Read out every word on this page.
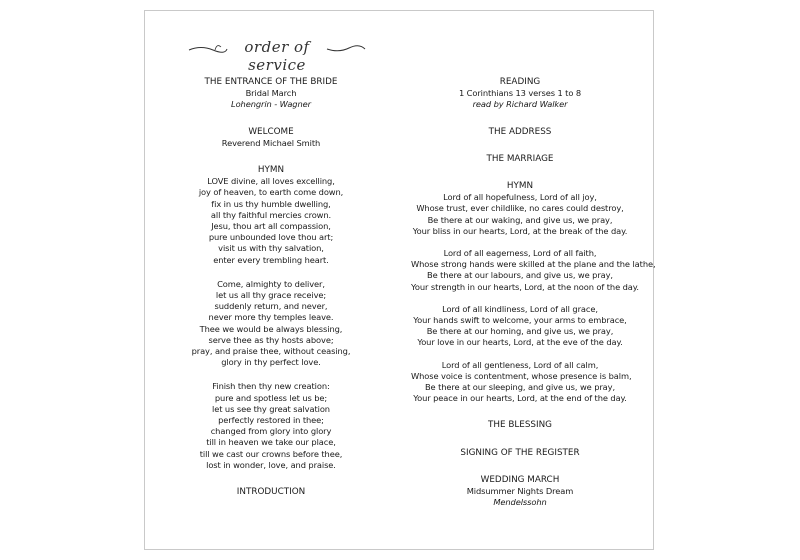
order of service
THE ENTRANCE OF THE BRIDE
Bridal March
Lohengrin - Wagner
WELCOME
Reverend Michael Smith
HYMN
LOVE divine, all loves excelling,
joy of heaven, to earth come down,
fix in us thy humble dwelling,
all thy faithful mercies crown.
Jesu, thou art all compassion,
pure unbounded love thou art;
visit us with thy salvation,
enter every trembling heart.
Come, almighty to deliver,
let us all thy grace receive;
suddenly return, and never,
never more thy temples leave.
Thee we would be always blessing,
serve thee as thy hosts above;
pray, and praise thee, without ceasing,
glory in thy perfect love.
Finish then thy new creation:
pure and spotless let us be;
let us see thy great salvation
perfectly restored in thee;
changed from glory into glory
till in heaven we take our place,
till we cast our crowns before thee,
lost in wonder, love, and praise.
INTRODUCTION
READING
1 Corinthians 13 verses 1 to 8
read by Richard Walker
THE ADDRESS
THE MARRIAGE
HYMN
Lord of all hopefulness, Lord of all joy,
Whose trust, ever childlike, no cares could destroy,
Be there at our waking, and give us, we pray,
Your bliss in our hearts, Lord, at the break of the day.
Lord of all eagerness, Lord of all faith,
Whose strong hands were skilled at the plane and the lathe,
Be there at our labours, and give us, we pray,
Your strength in our hearts, Lord, at the noon of the day.
Lord of all kindliness, Lord of all grace,
Your hands swift to welcome, your arms to embrace,
Be there at our homing, and give us, we pray,
Your love in our hearts, Lord, at the eve of the day.
Lord of all gentleness, Lord of all calm,
Whose voice is contentment, whose presence is balm,
Be there at our sleeping, and give us, we pray,
Your peace in our hearts, Lord, at the end of the day.
THE BLESSING
SIGNING OF THE REGISTER
WEDDING MARCH
Midsummer Nights Dream
Mendelssohn
